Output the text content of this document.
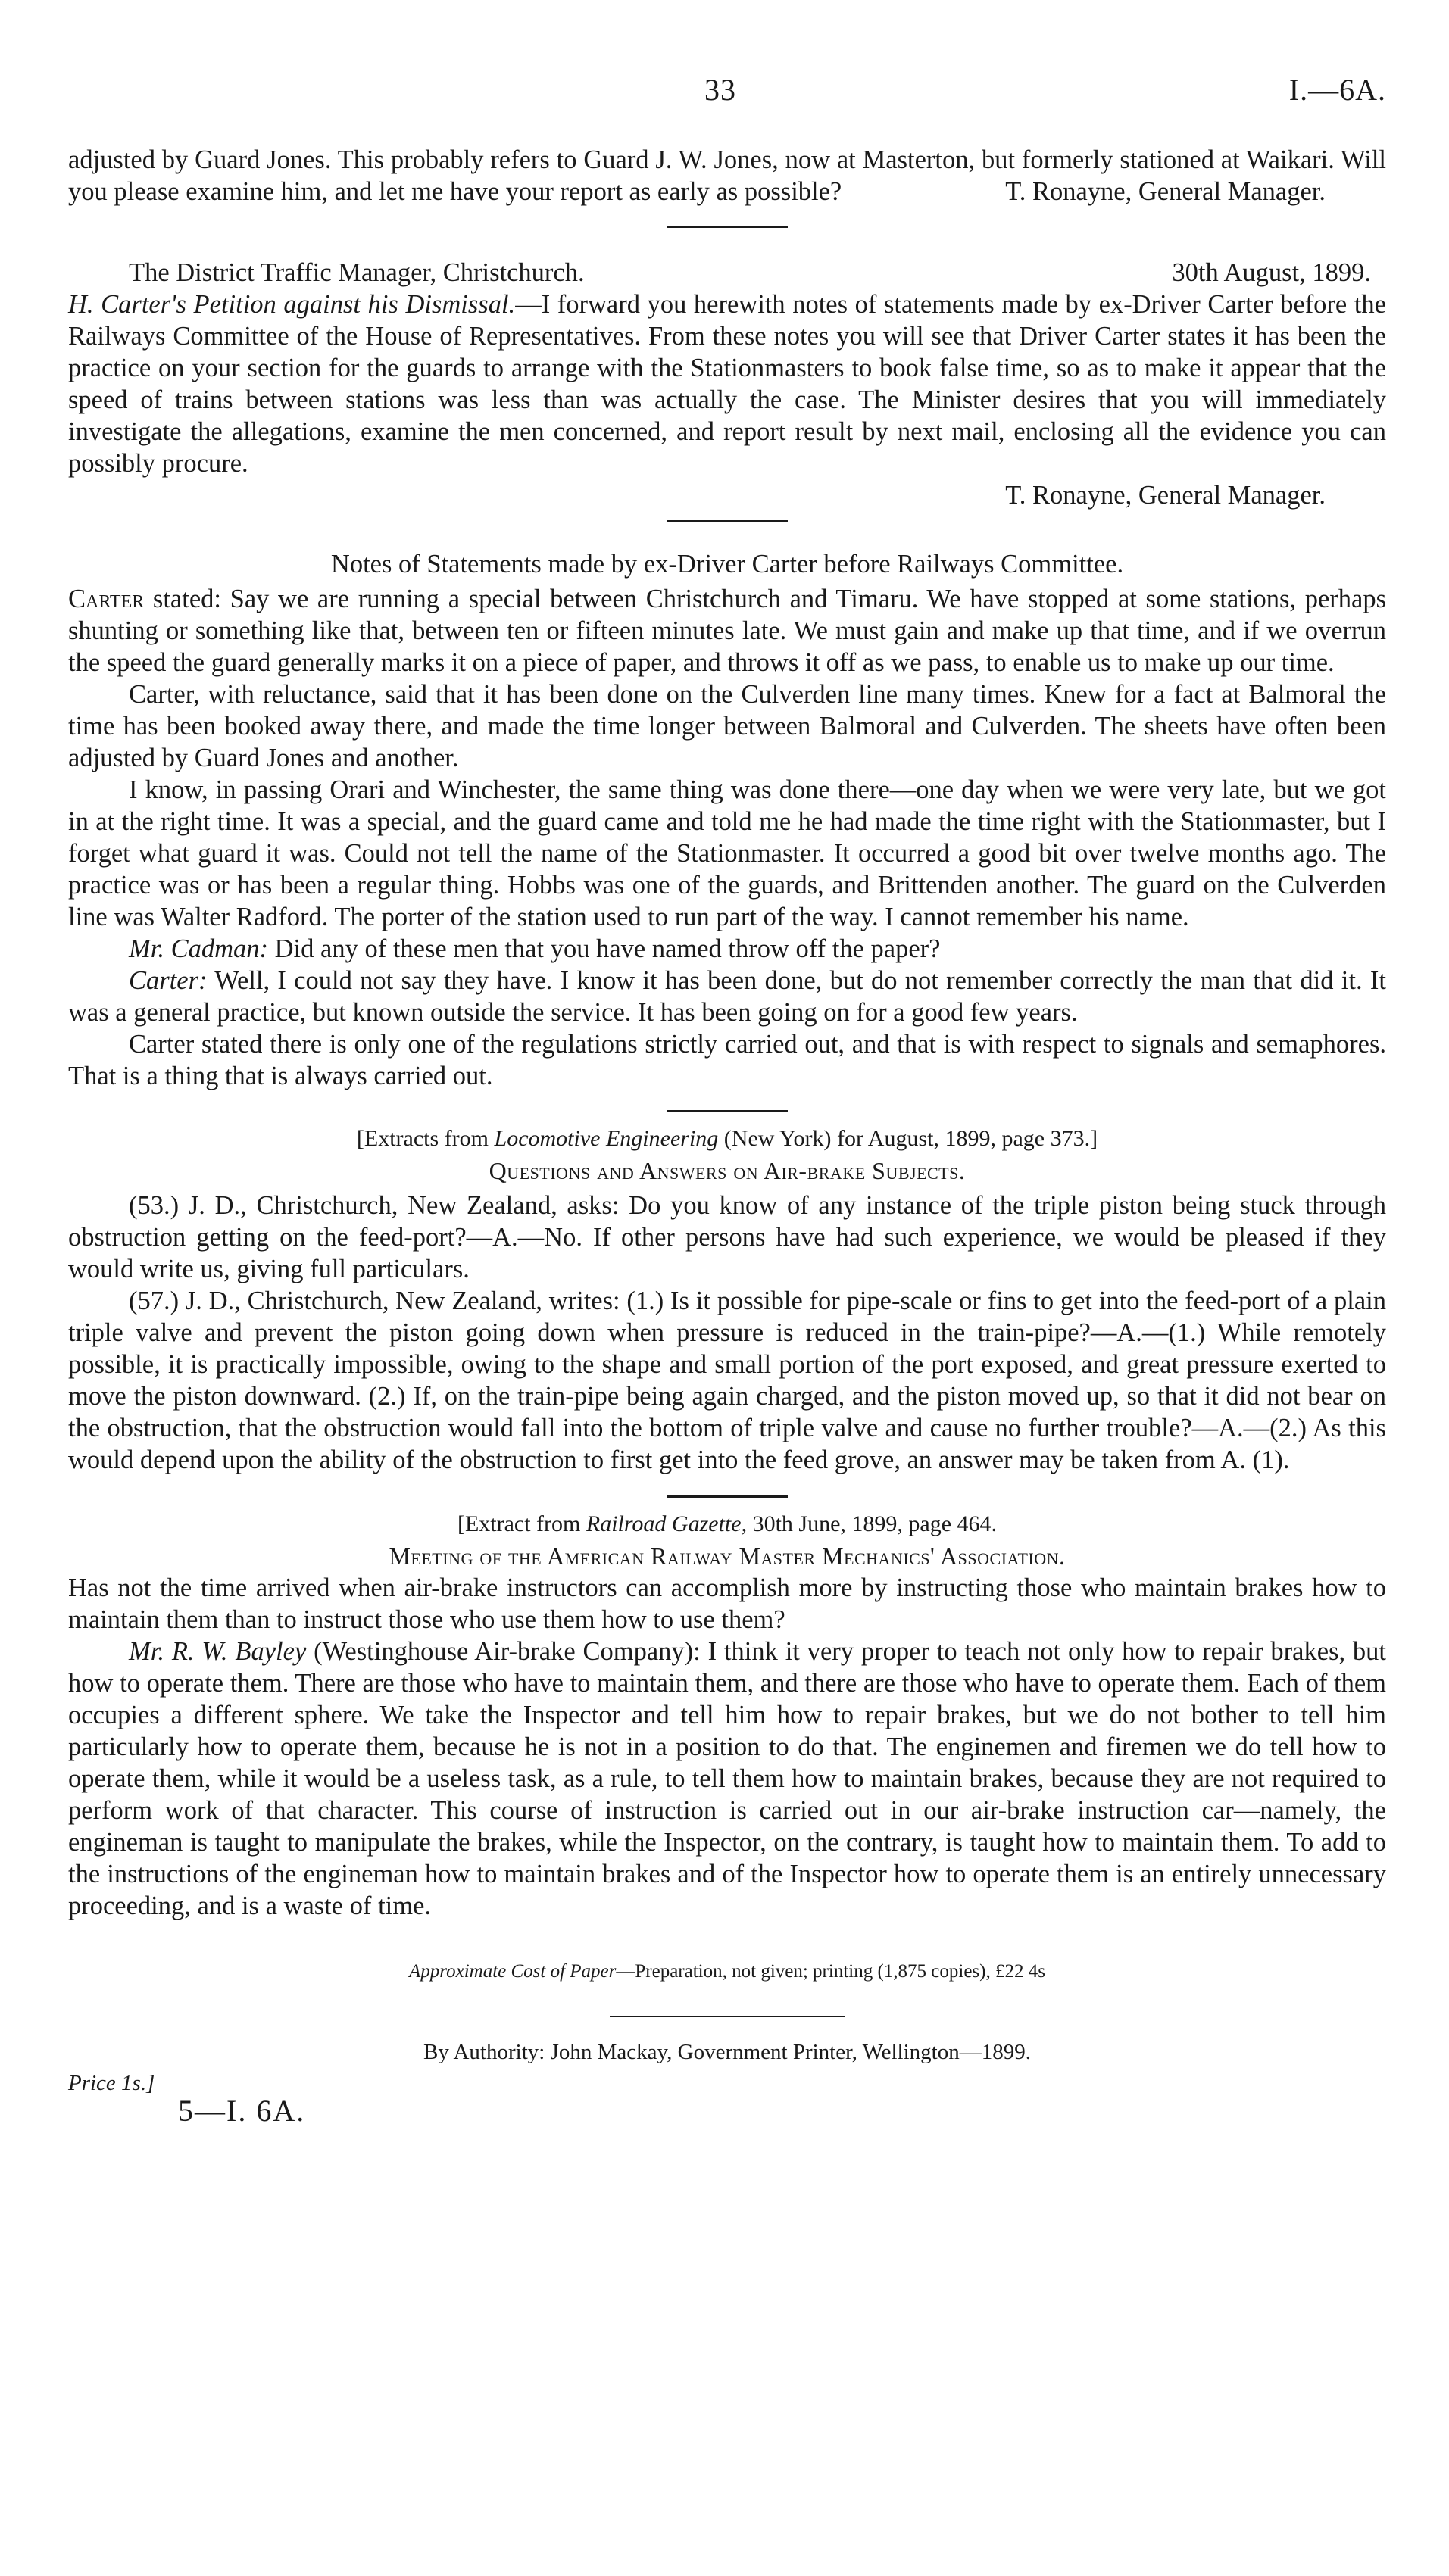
33	I.—6A.

adjusted by Guard Jones. This probably refers to Guard J. W. Jones, now at Masterton, but formerly stationed at Waikari. Will you please examine him, and let me have your report as early as possible?	T. Ronayne, General Manager.

The District Traffic Manager, Christchurch.	30th August, 1899.

H. Carter's Petition against his Dismissal.—I forward you herewith notes of statements made by ex-Driver Carter before the Railways Committee of the House of Representatives. From these notes you will see that Driver Carter states it has been the practice on your section for the guards to arrange with the Stationmasters to book false time, so as to make it appear that the speed of trains between stations was less than was actually the case. The Minister desires that you will immediately investigate the allegations, examine the men concerned, and report result by next mail, enclosing all the evidence you can possibly procure.

T. Ronayne, General Manager.

Notes of Statements made by ex-Driver Carter before Railways Committee.

Carter stated: Say we are running a special between Christchurch and Timaru. We have stopped at some stations, perhaps shunting or something like that, between ten or fifteen minutes late. We must gain and make up that time, and if we overrun the speed the guard generally marks it on a piece of paper, and throws it off as we pass, to enable us to make up our time.

Carter, with reluctance, said that it has been done on the Culverden line many times. Knew for a fact at Balmoral the time has been booked away there, and made the time longer between Balmoral and Culverden. The sheets have often been adjusted by Guard Jones and another.

I know, in passing Orari and Winchester, the same thing was done there—one day when we were very late, but we got in at the right time. It was a special, and the guard came and told me he had made the time right with the Stationmaster, but I forget what guard it was. Could not tell the name of the Stationmaster. It occurred a good bit over twelve months ago. The practice was or has been a regular thing. Hobbs was one of the guards, and Brittenden another. The guard on the Culverden line was Walter Radford. The porter of the station used to run part of the way. I cannot remember his name.

Mr. Cadman: Did any of these men that you have named throw off the paper?

Carter: Well, I could not say they have. I know it has been done, but do not remember correctly the man that did it. It was a general practice, but known outside the service. It has been going on for a good few years.

Carter stated there is only one of the regulations strictly carried out, and that is with respect to signals and semaphores. That is a thing that is always carried out.

[Extracts from Locomotive Engineering (New York) for August, 1899, page 373.]
Questions and Answers on Air-brake Subjects.

(53.) J. D., Christchurch, New Zealand, asks: Do you know of any instance of the triple piston being stuck through obstruction getting on the feed-port?—A.—No. If other persons have had such experience, we would be pleased if they would write us, giving full particulars.

(57.) J. D., Christchurch, New Zealand, writes: (1.) Is it possible for pipe-scale or fins to get into the feed-port of a plain triple valve and prevent the piston going down when pressure is reduced in the train-pipe?—A.—(1.) While remotely possible, it is practically impossible, owing to the shape and small portion of the port exposed, and great pressure exerted to move the piston downward. (2.) If, on the train-pipe being again charged, and the piston moved up, so that it did not bear on the obstruction, that the obstruction would fall into the bottom of triple valve and cause no further trouble?—A.—(2.) As this would depend upon the ability of the obstruction to first get into the feed grove, an answer may be taken from A. (1).

[Extract from Railroad Gazette, 30th June, 1899, page 464.
Meeting of the American Railway Master Mechanics' Association.

Has not the time arrived when air-brake instructors can accomplish more by instructing those who maintain brakes how to maintain them than to instruct those who use them how to use them?

Mr. R. W. Bayley (Westinghouse Air-brake Company): I think it very proper to teach not only how to repair brakes, but how to operate them. There are those who have to maintain them, and there are those who have to operate them. Each of them occupies a different sphere. We take the Inspector and tell him how to repair brakes, but we do not bother to tell him particularly how to operate them, because he is not in a position to do that. The enginemen and firemen we do tell how to operate them, while it would be a useless task, as a rule, to tell them how to maintain brakes, because they are not required to perform work of that character. This course of instruction is carried out in our air-brake instruction car—namely, the engineman is taught to manipulate the brakes, while the Inspector, on the contrary, is taught how to maintain them. To add to the instructions of the engineman how to maintain brakes and of the Inspector how to operate them is an entirely unnecessary proceeding, and is a waste of time.

Approximate Cost of Paper—Preparation, not given; printing (1,875 copies), £22 4s

By Authority: John Mackay, Government Printer, Wellington—1899.
Price 1s.]
5—I. 6A.
